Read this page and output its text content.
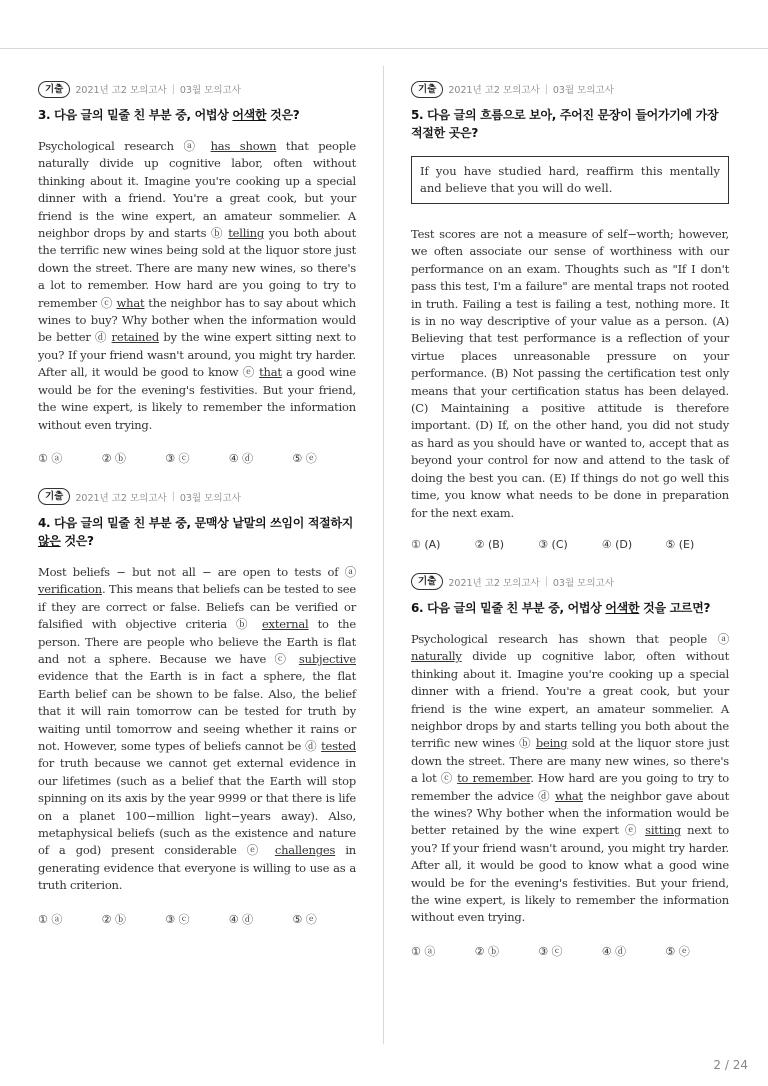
기출	2021년 고2 모의고사 | 03월 모의고사
3. 다음 글의 밑줄 친 부분 중, 어법상 어색한 것은?
Psychological research ⓐ has shown that people naturally divide up cognitive labor, often without thinking about it. Imagine you're cooking up a special dinner with a friend. You're a great cook, but your friend is the wine expert, an amateur sommelier. A neighbor drops by and starts ⓑ telling you both about the terrific new wines being sold at the liquor store just down the street. There are many new wines, so there's a lot to remember. How hard are you going to try to remember ⓒ what the neighbor has to say about which wines to buy? Why bother when the information would be better ⓓ retained by the wine expert sitting next to you? If your friend wasn't around, you might try harder. After all, it would be good to know ⓔ that a good wine would be for the evening's festivities. But your friend, the wine expert, is likely to remember the information without even trying.
① ⓐ	② ⓑ	③ ⓒ	④ ⓓ	⑤ ⓔ
기출	2021년 고2 모의고사 | 03월 모의고사
4. 다음 글의 밑줄 친 부분 중, 문맥상 낱말의 쓰임이 적절하지 않은 것은?
Most beliefs − but not all − are open to tests of ⓐ verification. This means that beliefs can be tested to see if they are correct or false. Beliefs can be verified or falsified with objective criteria ⓑ external to the person. There are people who believe the Earth is flat and not a sphere. Because we have ⓒ subjective evidence that the Earth is in fact a sphere, the flat Earth belief can be shown to be false. Also, the belief that it will rain tomorrow can be tested for truth by waiting until tomorrow and seeing whether it rains or not. However, some types of beliefs cannot be ⓓ tested for truth because we cannot get external evidence in our lifetimes (such as a belief that the Earth will stop spinning on its axis by the year 9999 or that there is life on a planet 100−million light−years away). Also, metaphysical beliefs (such as the existence and nature of a god) present considerable ⓔ challenges in generating evidence that everyone is willing to use as a truth criterion.
① ⓐ	② ⓑ	③ ⓒ	④ ⓓ	⑤ ⓔ
기출	2021년 고2 모의고사 | 03월 모의고사
5. 다음 글의 흐름으로 보아, 주어진 문장이 들어가기에 가장 적절한 곳은?
If you have studied hard, reaffirm this mentally and believe that you will do well.
Test scores are not a measure of self−worth; however, we often associate our sense of worthiness with our performance on an exam. Thoughts such as "If I don't pass this test, I'm a failure" are mental traps not rooted in truth. Failing a test is failing a test, nothing more. It is in no way descriptive of your value as a person. (A) Believing that test performance is a reflection of your virtue places unreasonable pressure on your performance. (B) Not passing the certification test only means that your certification status has been delayed. (C) Maintaining a positive attitude is therefore important. (D) If, on the other hand, you did not study as hard as you should have or wanted to, accept that as beyond your control for now and attend to the task of doing the best you can. (E) If things do not go well this time, you know what needs to be done in preparation for the next exam.
① (A)	② (B)	③ (C)	④ (D)	⑤ (E)
기출	2021년 고2 모의고사 | 03월 모의고사
6. 다음 글의 밑줄 친 부분 중, 어법상 어색한 것을 고르면?
Psychological research has shown that people ⓐ naturally divide up cognitive labor, often without thinking about it. Imagine you're cooking up a special dinner with a friend. You're a great cook, but your friend is the wine expert, an amateur sommelier. A neighbor drops by and starts telling you both about the terrific new wines ⓑ being sold at the liquor store just down the street. There are many new wines, so there's a lot ⓒ to remember. How hard are you going to try to remember the advice ⓓ what the neighbor gave about the wines? Why bother when the information would be better retained by the wine expert ⓔ sitting next to you? If your friend wasn't around, you might try harder. After all, it would be good to know what a good wine would be for the evening's festivities. But your friend, the wine expert, is likely to remember the information without even trying.
① ⓐ	② ⓑ	③ ⓒ	④ ⓓ	⑤ ⓔ
2 / 24
